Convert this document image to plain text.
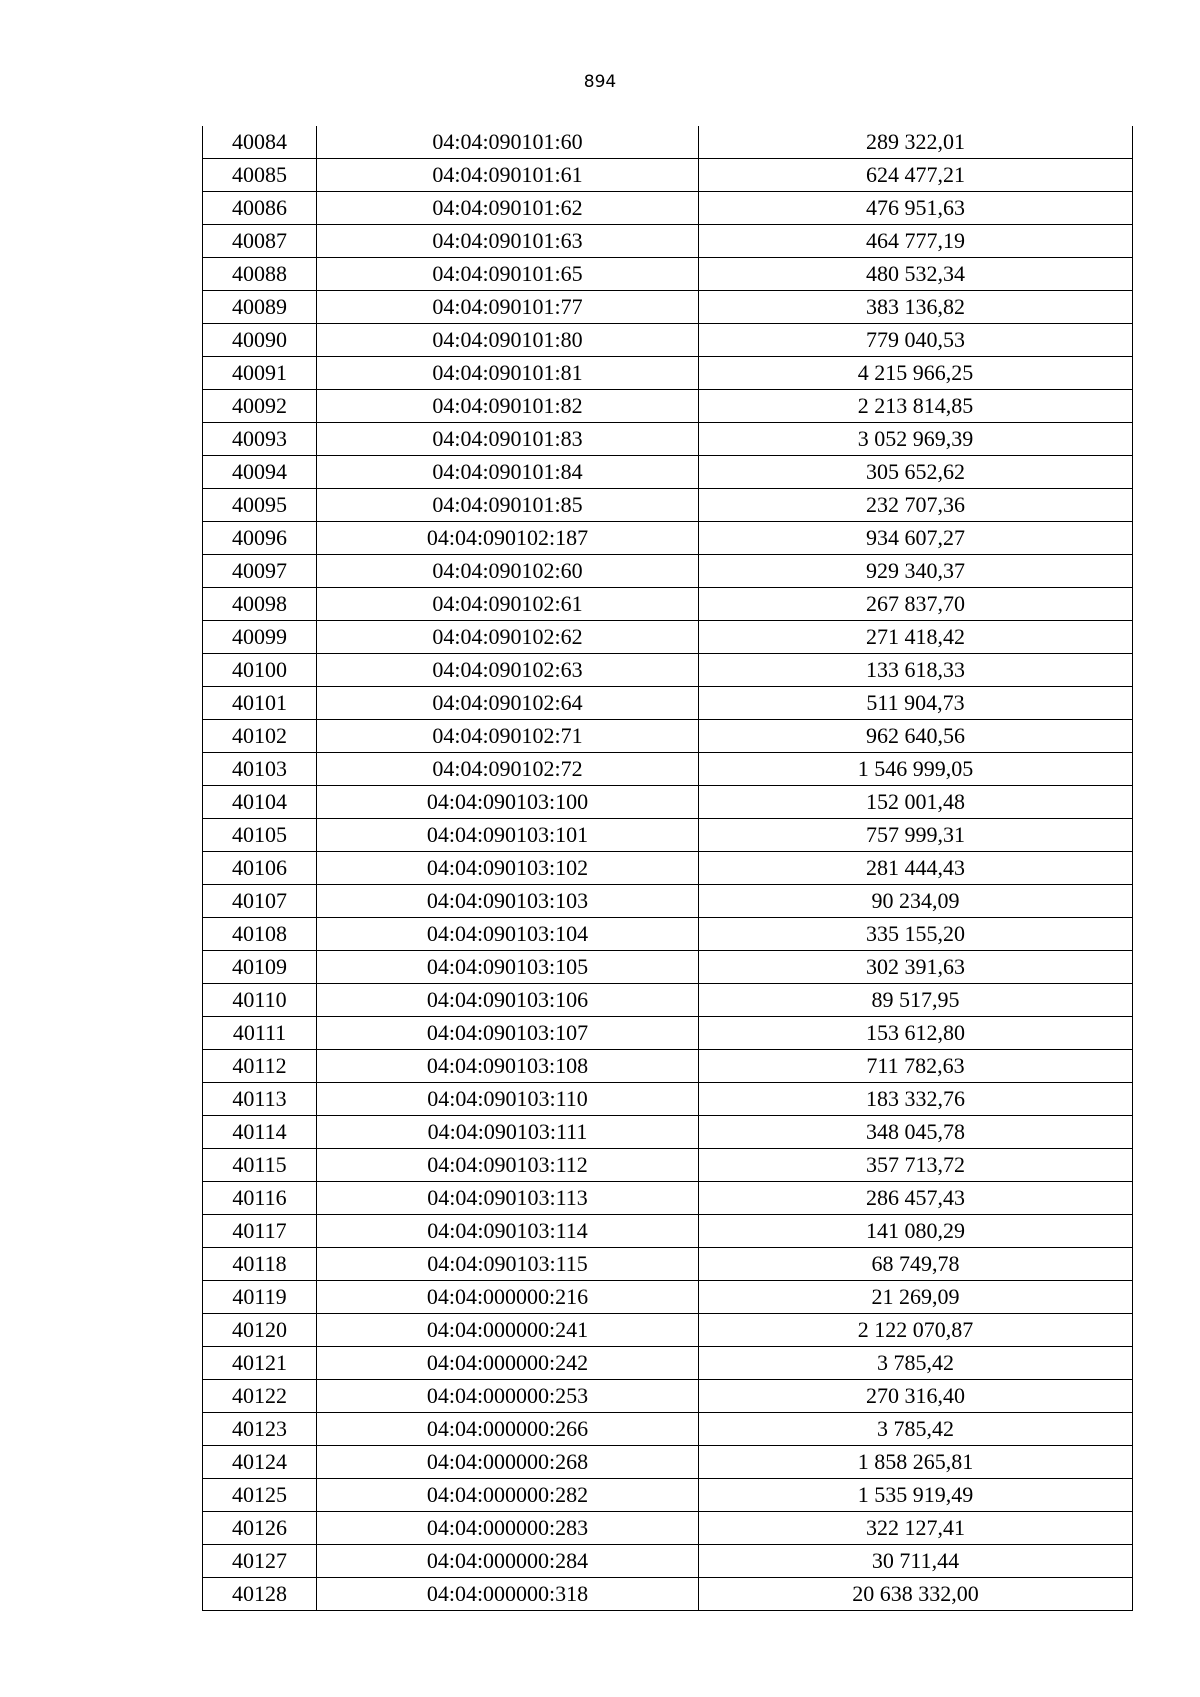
894
40084	04:04:090101:60	289 322,01
40085	04:04:090101:61	624 477,21
40086	04:04:090101:62	476 951,63
40087	04:04:090101:63	464 777,19
40088	04:04:090101:65	480 532,34
40089	04:04:090101:77	383 136,82
40090	04:04:090101:80	779 040,53
40091	04:04:090101:81	4 215 966,25
40092	04:04:090101:82	2 213 814,85
40093	04:04:090101:83	3 052 969,39
40094	04:04:090101:84	305 652,62
40095	04:04:090101:85	232 707,36
40096	04:04:090102:187	934 607,27
40097	04:04:090102:60	929 340,37
40098	04:04:090102:61	267 837,70
40099	04:04:090102:62	271 418,42
40100	04:04:090102:63	133 618,33
40101	04:04:090102:64	511 904,73
40102	04:04:090102:71	962 640,56
40103	04:04:090102:72	1 546 999,05
40104	04:04:090103:100	152 001,48
40105	04:04:090103:101	757 999,31
40106	04:04:090103:102	281 444,43
40107	04:04:090103:103	90 234,09
40108	04:04:090103:104	335 155,20
40109	04:04:090103:105	302 391,63
40110	04:04:090103:106	89 517,95
40111	04:04:090103:107	153 612,80
40112	04:04:090103:108	711 782,63
40113	04:04:090103:110	183 332,76
40114	04:04:090103:111	348 045,78
40115	04:04:090103:112	357 713,72
40116	04:04:090103:113	286 457,43
40117	04:04:090103:114	141 080,29
40118	04:04:090103:115	68 749,78
40119	04:04:000000:216	21 269,09
40120	04:04:000000:241	2 122 070,87
40121	04:04:000000:242	3 785,42
40122	04:04:000000:253	270 316,40
40123	04:04:000000:266	3 785,42
40124	04:04:000000:268	1 858 265,81
40125	04:04:000000:282	1 535 919,49
40126	04:04:000000:283	322 127,41
40127	04:04:000000:284	30 711,44
40128	04:04:000000:318	20 638 332,00
